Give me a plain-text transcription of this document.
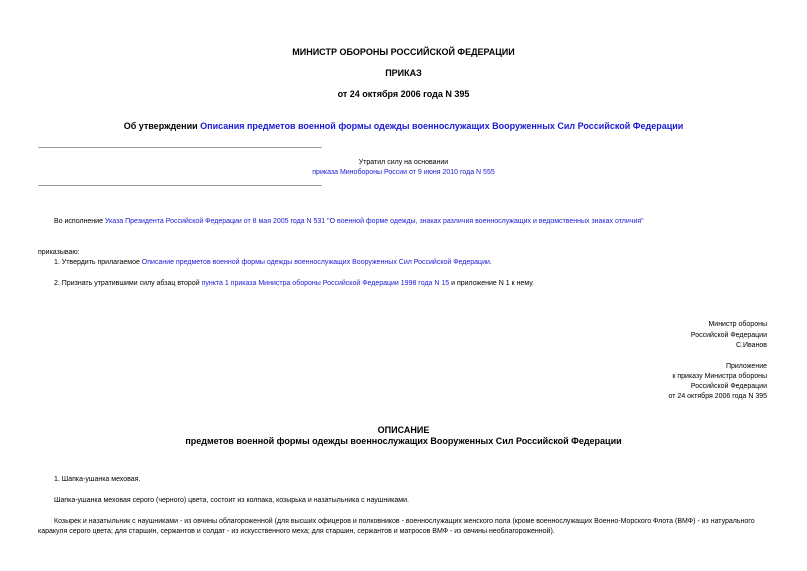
МИНИСТР ОБОРОНЫ РОССИЙСКОЙ ФЕДЕРАЦИИ
ПРИКАЗ
от 24 октября 2006 года N 395
Об утверждении Описания предметов военной формы одежды военнослужащих Вооруженных Сил Российской Федерации
Утратил силу на основании
приказа Минобороны России от 9 июня 2010 года N 555
Во исполнение Указа Президента Российской Федерации от 8 мая 2005 года N 531 "О военной форме одежды, знаках различия военнослужащих и ведомственных знаках отличия"
приказываю:
1. Утвердить прилагаемое Описание предметов военной формы одежды военнослужащих Вооруженных Сил Российской Федерации.
2. Признать утратившими силу абзац второй пункта 1 приказа Министра обороны Российской Федерации 1998 года N 15 и приложение N 1 к нему.
Министр обороны
Российской Федерации
С.Иванов
Приложение
к приказу Министра обороны
Российской Федерации
от 24 октября 2006 года N 395
ОПИСАНИЕ
предметов военной формы одежды военнослужащих Вооруженных Сил Российской Федерации
1. Шапка-ушанка меховая.
Шапка-ушанка меховая серого (черного) цвета, состоит из колпака, козырька и назатыльника с наушниками.
Козырек и назатыльник с наушниками - из овчины облагороженной (для высших офицеров и полковников - военнослужащих женского пола (кроме военнослужащих Военно-Морского Флота (ВМФ) - из натурального
каракуля серого цвета; для старшин, сержантов и солдат - из искусственного меха; для старшин, сержантов и матросов ВМФ - из овчины необлагороженной).
